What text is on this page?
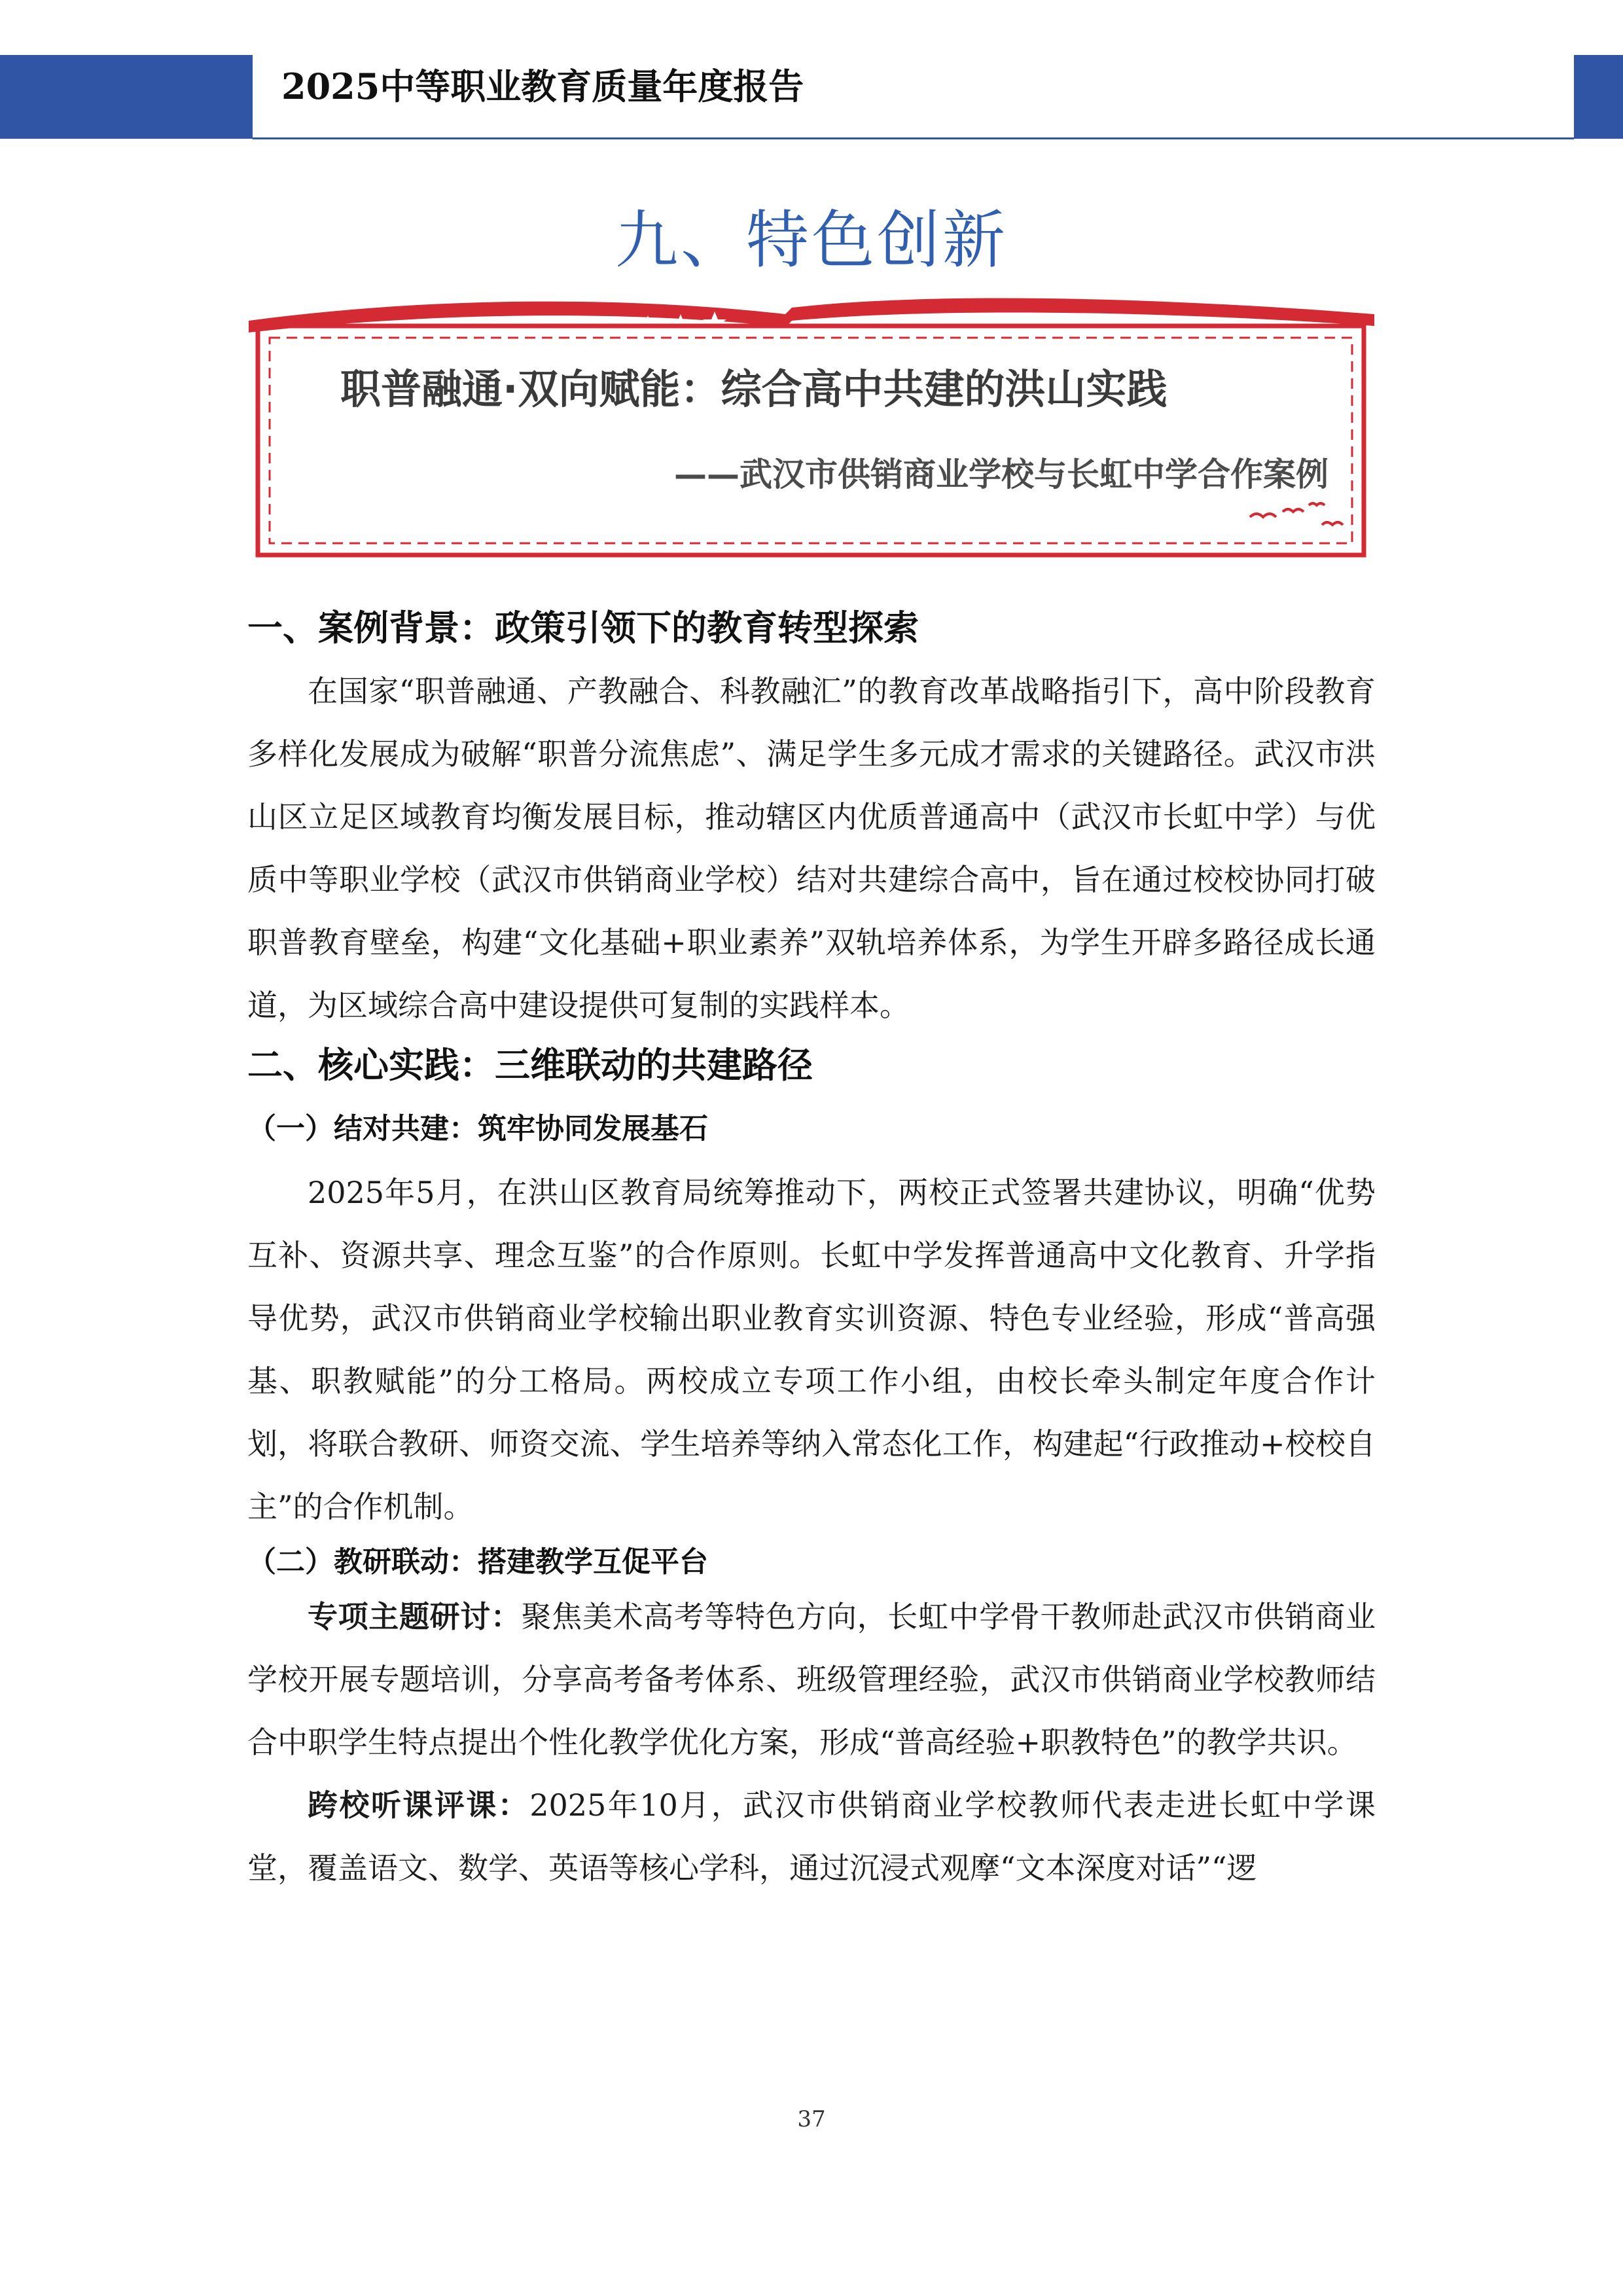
2025中等职业教育质量年度报告
九、特色创新
职普融通·双向赋能：综合高中共建的洪山实践
——武汉市供销商业学校与长虹中学合作案例
一、案例背景：政策引领下的教育转型探索

在国家“职普融通、产教融合、科教融汇”的教育改革战略指引下，高中阶段教育多样化发展成为破解“职普分流焦虑”、满足学生多元成才需求的关键路径。武汉市洪山区立足区域教育均衡发展目标，推动辖区内优质普通高中（武汉市长虹中学）与优质中等职业学校（武汉市供销商业学校）结对共建综合高中，旨在通过校校协同打破职普教育壁垒，构建“文化基础+职业素养”双轨培养体系，为学生开辟多路径成长通道，为区域综合高中建设提供可复制的实践样本。

二、核心实践：三维联动的共建路径
（一）结对共建：筑牢协同发展基石

2025年5月，在洪山区教育局统筹推动下，两校正式签署共建协议，明确“优势互补、资源共享、理念互鉴”的合作原则。长虹中学发挥普通高中文化教育、升学指导优势，武汉市供销商业学校输出职业教育实训资源、特色专业经验，形成“普高强基、职教赋能”的分工格局。两校成立专项工作小组，由校长牵头制定年度合作计划，将联合教研、师资交流、学生培养等纳入常态化工作，构建起“行政推动+校校自主”的合作机制。

（二）教研联动：搭建教学互促平台

专项主题研讨：聚焦美术高考等特色方向，长虹中学骨干教师赴武汉市供销商业学校开展专题培训，分享高考备考体系、班级管理经验，武汉市供销商业学校教师结合中职学生特点提出个性化教学优化方案，形成“普高经验+职教特色”的教学共识。

跨校听课评课：2025年10月，武汉市供销商业学校教师代表走进长虹中学课堂，覆盖语文、数学、英语等核心学科，通过沉浸式观摩“文本深度对话”“逻

37
